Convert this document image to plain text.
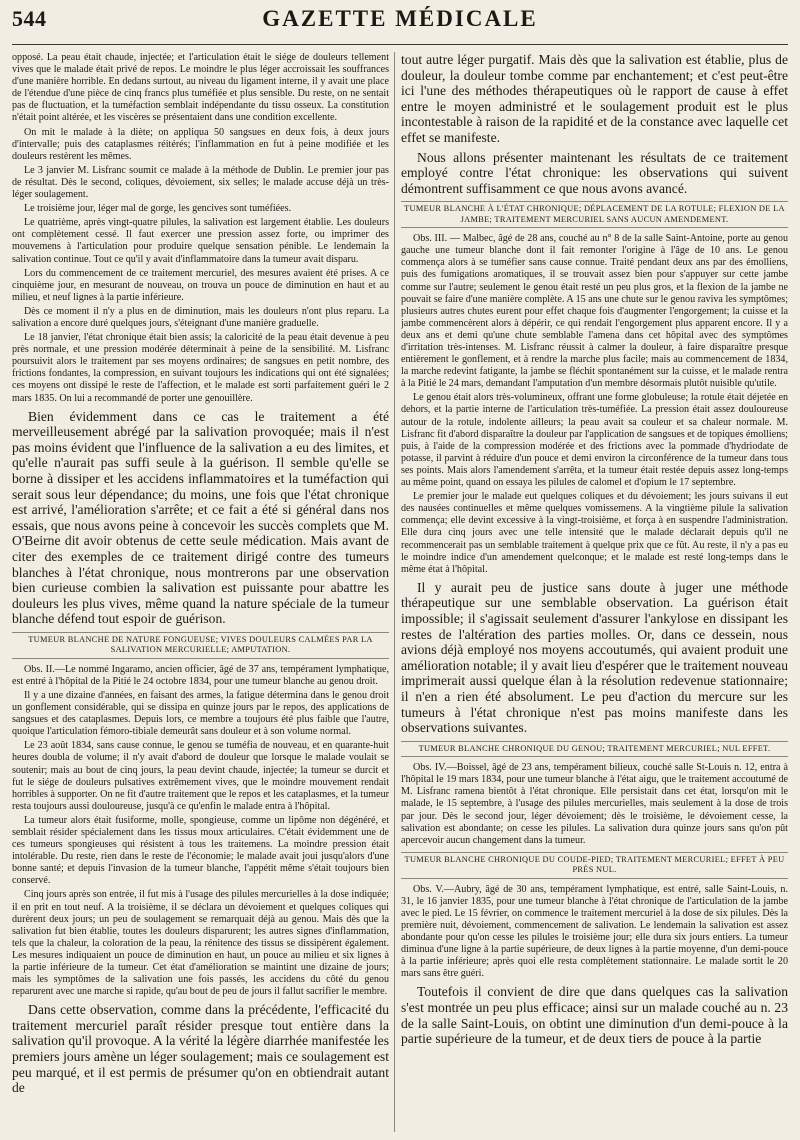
544	GAZETTE MÉDICALE

opposé. La peau était chaude, injectée; et l'articulation était le siége de douleurs tellement vives que le malade était privé de repos. Le moindre le plus léger accroissait les souffrances d'une manière horrible. En dedans surtout, au niveau du ligament interne, il y avait une place de l'étendue d'une pièce de cinq francs plus tuméfiée et plus sensible. Du reste, on ne sentait pas de fluctuation, et la tuméfaction semblait indépendante du tissu osseux. La constitution n'était point altérée, et les viscères se présentaient dans une condition excellente.

On mit le malade à la diète; on appliqua 50 sangsues en deux fois, à deux jours d'intervalle; puis des cataplasmes réitérés; l'inflammation en fut à peine modifiée et les douleurs restèrent les mêmes.

Le 3 janvier M. Lisfranc soumit ce malade à la méthode de Dublin. Le premier jour pas de résultat. Dès le second, coliques, dévoiement, six selles; le malade accuse déjà un très-léger soulagement.

Le troisième jour, léger mal de gorge, les gencives sont tuméfiées.

Le quatrième, après vingt-quatre pilules, la salivation est largement établie. Les douleurs ont complètement cessé. Il faut exercer une pression assez forte, ou imprimer des mouvemens à l'articulation pour produire quelque sensation pénible. Le lendemain la salivation continue. Tout ce qu'il y avait d'inflammatoire dans la tumeur avait disparu.

Lors du commencement de ce traitement mercuriel, des mesures avaient été prises. A ce cinquième jour, en mesurant de nouveau, on trouva un pouce de diminution en haut et au milieu, et neuf lignes à la partie inférieure.

Dès ce moment il n'y a plus en de diminution, mais les douleurs n'ont plus reparu. La salivation a encore duré quelques jours, s'éteignant d'une manière graduelle.

Le 18 janvier, l'état chronique était bien assis; la caloricité de la peau était devenue à peu près normale, et une pression modérée déterminait à peine de la sensibilité. M. Lisfranc poursuivit alors le traitement par ses moyens ordinaires; de sangsues en petit nombre, des frictions fondantes, la compression, en suivant toujours les indications qui ont été signalées; ces moyens ont dissipé le reste de l'affection, et le malade est sorti parfaitement guéri le 2 mars 1835. On lui a recommandé de porter une genouillère.

Bien évidemment dans ce cas le traitement a été merveilleusement abrégé par la salivation provoquée; mais il n'est pas moins évident que l'influence de la salivation a eu des limites, et qu'elle n'aurait pas suffi seule à la guérison. Il semble qu'elle se borne à dissiper et les accidens inflammatoires et la tuméfaction qui serait sous leur dépendance; du moins, une fois que l'état chronique est arrivé, l'amélioration s'arrête; et ce fait a été si général dans nos essais, que nous avons peine à concevoir les succès complets que M. O'Beirne dit avoir obtenus de cette seule médication. Mais avant de citer des exemples de ce traitement dirigé contre des tumeurs blanches à l'état chronique, nous montrerons par une observation bien curieuse combien la salivation est puissante pour abattre les douleurs les plus vives, même quand la nature spéciale de la tumeur blanche défend tout espoir de guérison.

TUMEUR BLANCHE DE NATURE FONGUEUSE; VIVES DOULEURS CALMÉES PAR LA SALIVATION MERCURIELLE; AMPUTATION.

Obs. II.—Le nommé Ingaramo, ancien officier, âgé de 37 ans, tempérament lymphatique, est entré à l'hôpital de la Pitié le 24 octobre 1834, pour une tumeur blanche au genou droit.

Il y a une dizaine d'années, en faisant des armes, la fatigue détermina dans le genou droit un gonflement considérable, qui se dissipa en quinze jours par le repos, des applications de sangsues et des cataplasmes. Depuis lors, ce membre a toujours été plus faible que l'autre, quoique l'articulation fémoro-tibiale demeurât sans douleur et à son volume normal.

Le 23 août 1834, sans cause connue, le genou se tuméfia de nouveau, et en quarante-huit heures doubla de volume; il n'y avait d'abord de douleur que lorsque le malade voulait se soutenir; mais au bout de cinq jours, la peau devint chaude, injectée; la tumeur se durcit et fut le siége de douleurs pulsatives extrêmement vives, que le moindre mouvement rendait horribles à supporter. On ne fit d'autre traitement que le repos et les cataplasmes, et la tumeur resta toujours aussi douloureuse, jusqu'à ce qu'enfin le malade entra à l'hôpital.

La tumeur alors était fusiforme, molle, spongieuse, comme un lipôme non dégénéré, et semblait résider spécialement dans les tissus moux articulaires. C'était évidemment une de ces tumeurs spongieuses qui résistent à tous les traitemens. La moindre pression était intolérable. Du reste, rien dans le reste de l'économie; le malade avait joui jusqu'alors d'une bonne santé; et depuis l'invasion de la tumeur blanche, l'appétit même s'était toujours bien conservé.

Cinq jours après son entrée, il fut mis à l'usage des pilules mercurielles à la dose indiquée; il en prit en tout neuf. A la troisième, il se déclara un dévoiement et quelques coliques qui durèrent deux jours; un peu de soulagement se remarquait déjà au genou. Mais dès que la salivation fut bien établie, toutes les douleurs disparurent; les autres signes d'inflammation, tels que la chaleur, la coloration de la peau, la rénitence des tissus se dissipèrent également. Les mesures indiquaient un pouce de diminution en haut, un pouce au milieu et six lignes à la partie inférieure de la tumeur. Cet état d'amélioration se maintint une dizaine de jours; mais les symptômes de la salivation une fois passés, les accidens du côté du genou reparurent avec une marche si rapide, qu'au bout de peu de jours il fallut sacrifier le membre.

Dans cette observation, comme dans la précédente, l'efficacité du traitement mercuriel paraît résider presque tout entière dans la salivation qu'il provoque. A la vérité la légère diarrhée manifestée les premiers jours amène un léger soulagement; mais ce soulagement est peu marqué, et il est permis de présumer qu'on en obtiendrait autant de

tout autre léger purgatif. Mais dès que la salivation est établie, plus de douleur, la douleur tombe comme par enchantement; et c'est peut-être ici l'une des méthodes thérapeutiques où le rapport de cause à effet entre le moyen administré et le soulagement produit est le plus incontestable à raison de la rapidité et de la constance avec laquelle cet effet se manifeste.

Nous allons présenter maintenant les résultats de ce traitement employé contre l'état chronique: les observations qui suivent démontrent suffisamment ce que nous avons avancé.

TUMEUR BLANCHE À L'ÉTAT CHRONIQUE; DÉPLACEMENT DE LA ROTULE; FLEXION DE LA JAMBE; TRAITEMENT MERCURIEL SANS AUCUN AMENDEMENT.

Obs. III. — Malbec, âgé de 28 ans, couché au n° 8 de la salle Saint-Antoine, porte au genou gauche une tumeur blanche dont il fait remonter l'origine à l'âge de 10 ans. Le genou commença alors à se tuméfier sans cause connue. Traité pendant deux ans par des émolliens, puis des fumigations aromatiques, il se trouvait assez bien pour s'appuyer sur cette jambe comme sur l'autre; seulement le genou était resté un peu plus gros, et la flexion de la jambe ne pouvait se faire d'une manière complète. A 15 ans une chute sur le genou raviva les symptômes; plusieurs autres chutes eurent pour effet chaque fois d'augmenter l'engorgement; la cuisse et la jambe commencèrent alors à dépérir, ce qui rendait l'engorgement plus apparent encore. Il y a deux ans et demi qu'une chute semblable l'amena dans cet hôpital avec des symptômes d'irritation très-intenses. M. Lisfranc réussit à calmer la douleur, à faire disparaître presque entièrement le gonflement, et à rendre la marche plus facile; mais au commencement de 1834, la marche redevint fatigante, la jambe se fléchit spontanément sur la cuisse, et le malade rentra à la Pitié le 24 mars, demandant l'amputation d'un membre désormais plutôt nuisible qu'utile.

Le genou était alors très-volumineux, offrant une forme globuleuse; la rotule était déjetée en dehors, et la partie interne de l'articulation très-tuméfiée. La pression était assez douloureuse autour de la rotule, indolente ailleurs; la peau avait sa couleur et sa chaleur normale. M. Lisfranc fit d'abord disparaître la douleur par l'application de sangsues et de topiques émolliens; puis, à l'aide de la compression modérée et des frictions avec la pommade d'hydriodate de potasse, il parvint à réduire d'un pouce et demi environ la circonférence de la tumeur dans tous ses points. Mais alors l'amendement s'arrêta, et la tumeur était restée depuis assez long-temps au même point, quand on essaya les pilules de calomel et d'opium le 17 septembre.

Le premier jour le malade eut quelques coliques et du dévoiement; les jours suivans il eut des nausées continuelles et même quelques vomissemens. A la vingtième pilule la salivation commença; elle devint excessive à la vingt-troisième, et força à en suspendre l'administration. Elle dura cinq jours avec une telle intensité que le malade déclarait depuis qu'il ne recommencerait pas un semblable traitement à quelque prix que ce fût. Au reste, il n'y a pas eu le moindre indice d'un amendement quelconque; et le malade est resté long-temps dans le même état à l'hôpital.

Il y aurait peu de justice sans doute à juger une méthode thérapeutique sur une semblable observation. La guérison était impossible; il s'agissait seulement d'assurer l'ankylose en dissipant les restes de l'altération des parties molles. Or, dans ce dessein, nous avions déjà employé nos moyens accoutumés, qui avaient produit une amélioration notable; il y avait lieu d'espérer que le traitement nouveau imprimerait aussi quelque élan à la résolution redevenue stationnaire; il n'en a rien été absolument. Le peu d'action du mercure sur les tumeurs à l'état chronique n'est pas moins manifeste dans les observations suivantes.

TUMEUR BLANCHE CHRONIQUE DU GENOU; TRAITEMENT MERCURIEL; NUL EFFET.

Obs. IV.—Boissel, âgé de 23 ans, tempérament bilieux, couché salle St-Louis n. 12, entra à l'hôpital le 19 mars 1834, pour une tumeur blanche à l'état aigu, que le traitement accoutumé de M. Lisfranc ramena bientôt à l'état chronique. Elle persistait dans cet état, lorsqu'on mit le malade, le 15 septembre, à l'usage des pilules mercurielles, mais seulement à la dose de trois par jour. Dès le second jour, léger dévoiement; dès le troisième, le dévoiement cesse, la salivation est abondante; on cesse les pilules. La salivation dura quinze jours sans qu'on pût apercevoir aucun changement dans la tumeur.

TUMEUR BLANCHE CHRONIQUE DU COUDE-PIED; TRAITEMENT MERCURIEL; EFFET À PEU PRÈS NUL.

Obs. V.—Aubry, âgé de 30 ans, tempérament lymphatique, est entré, salle Saint-Louis, n. 31, le 16 janvier 1835, pour une tumeur blanche à l'état chronique de l'articulation de la jambe avec le pied. Le 15 février, on commence le traitement mercuriel à la dose de six pilules. Dès la première nuit, dévoiement, commencement de salivation. Le lendemain la salivation est assez abondante pour qu'on cesse les pilules le troisième jour; elle dura six jours entiers. La tumeur diminua d'une ligne à la partie supérieure, de deux lignes à la partie moyenne, d'un demi-pouce à la partie inférieure; après quoi elle resta complètement stationnaire. Le malade sortit le 20 mars sans être guéri.

Toutefois il convient de dire que dans quelques cas la salivation s'est montrée un peu plus efficace; ainsi sur un malade couché au n. 23 de la salle Saint-Louis, on obtint une diminution d'un demi-pouce à la partie supérieure de la tumeur, et de deux tiers de pouce à la partie
